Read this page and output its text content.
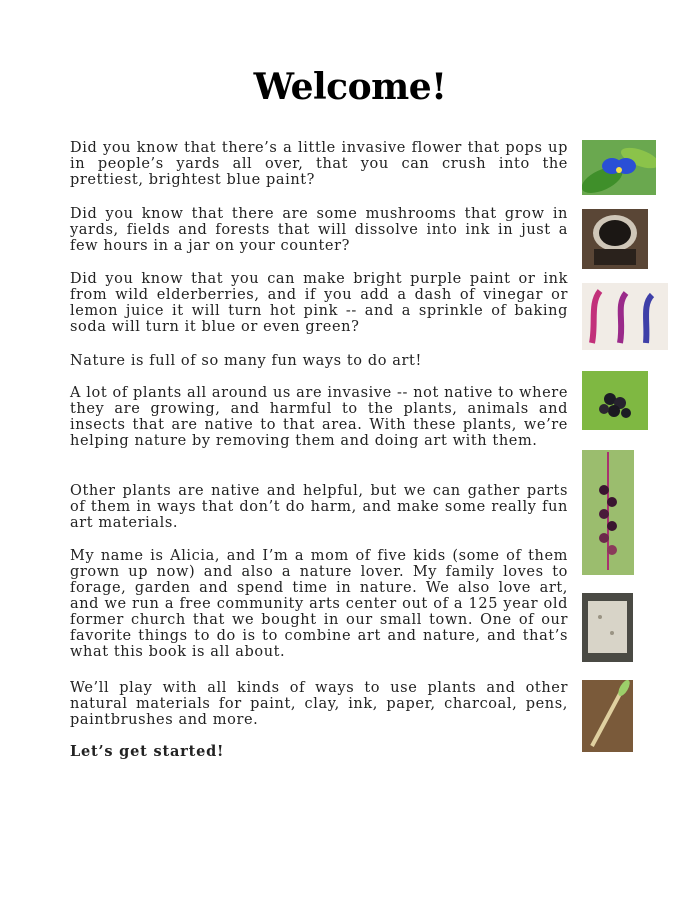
Welcome!

Did you know that there’s a little invasive flower that pops up in people’s yards all over, that you can crush into the prettiest, brightest blue paint?

Did you know that there are some mushrooms that grow in yards, fields and forests that will dissolve into ink in just a few hours in a jar on your counter?

Did you know that you can make bright purple paint or ink from wild elderberries, and if you add a dash of vinegar or lemon juice it will turn hot pink -- and a sprinkle of baking soda will turn it blue or even green?

Nature is full of so many fun ways to do art!

A lot of plants all around us are invasive -- not native to where they are growing, and harmful to the plants, animals and insects that are native to that area. With these plants, we’re helping nature by removing them and doing art with them.

Other plants are native and helpful, but we can gather parts of them in ways that don’t do harm, and make some really fun art materials.

My name is Alicia, and I’m a mom of five kids (some of them grown up now) and also a nature lover. My family loves to forage, garden and spend time in nature. We also love art, and we run a free community arts center out of a 125 year old former church that we bought in our small town. One of our favorite things to do is to combine art and nature, and that’s what this book is all about.

We’ll play with all kinds of ways to use plants and other natural materials for paint, clay, ink, paper, charcoal, pens, paintbrushes and more.

Let’s get started!
